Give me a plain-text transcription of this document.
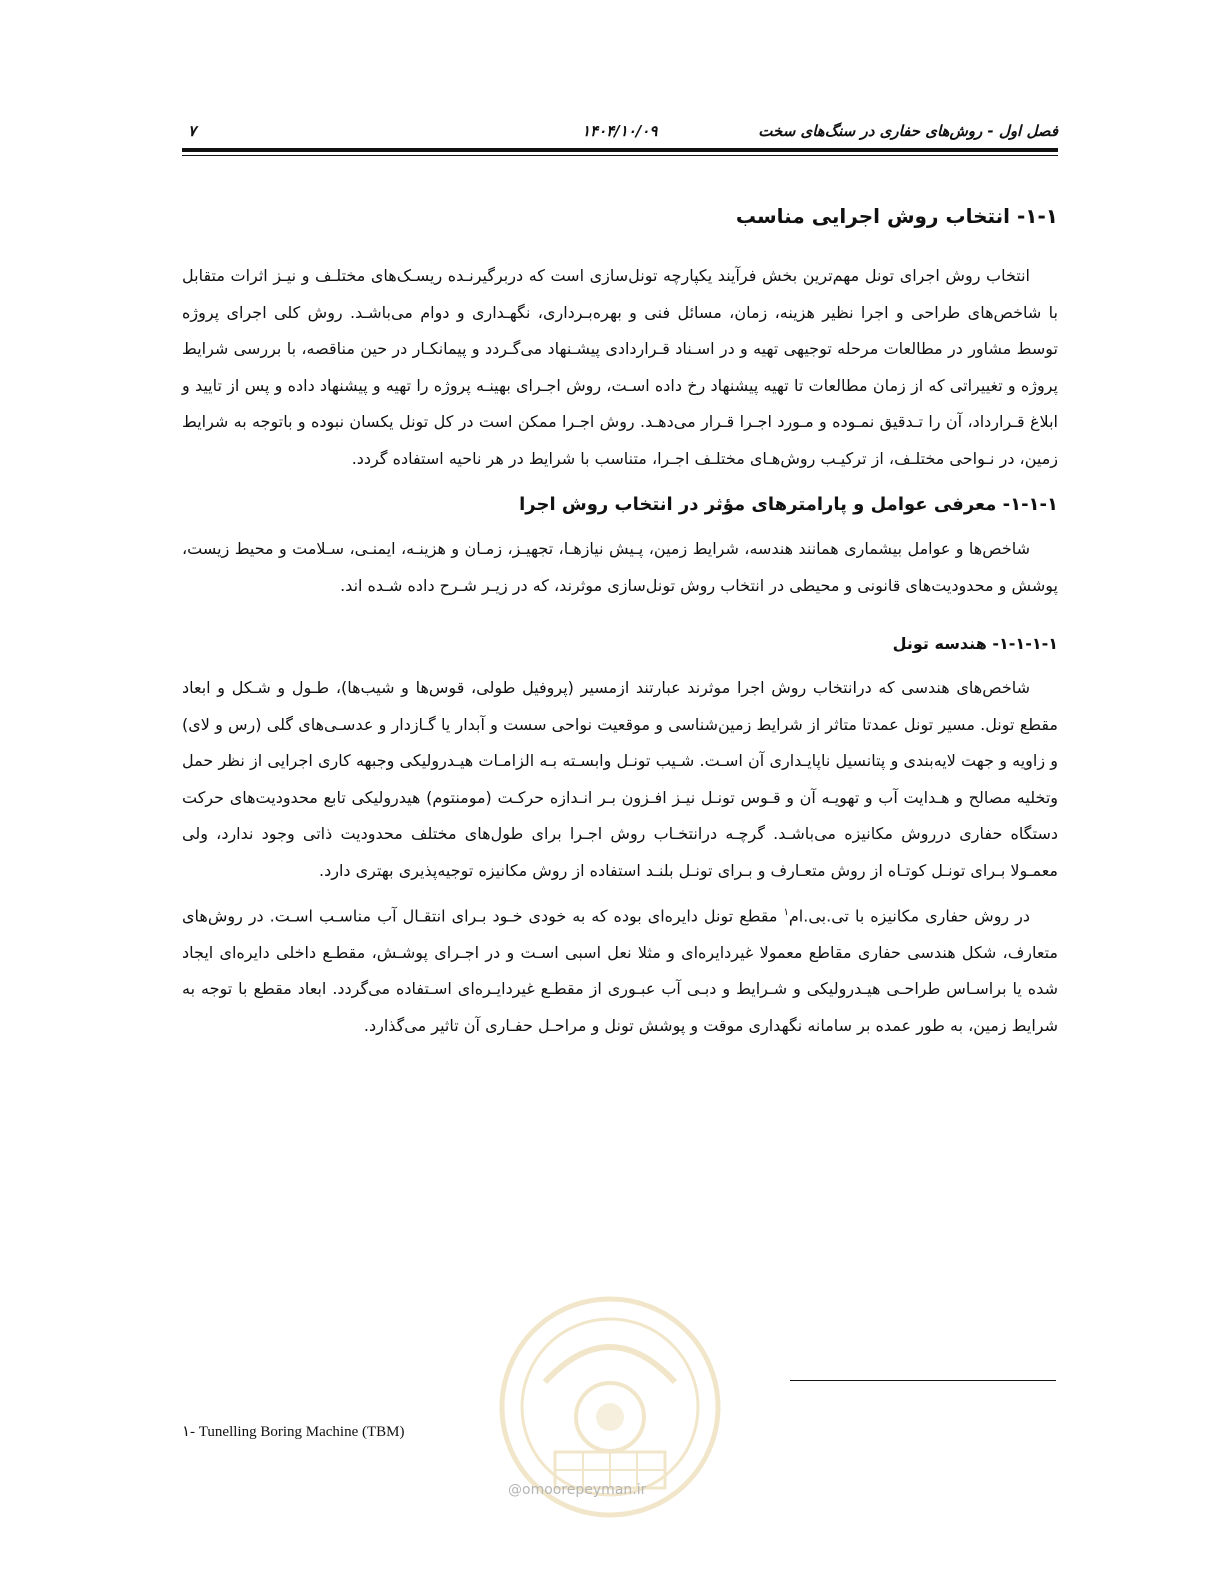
فصل اول - روش‌های حفاری در سنگ‌های سخت
۱۴۰۴/۱۰/۰۹
۷
۱-۱- انتخاب روش اجرایی مناسب

انتخاب روش اجرای تونل مهم‌ترین بخش فرآیند یکپارچه تونل‌سازی است که دربرگیرنـده ریسـک‌های مختلـف و نیـز اثرات متقابل با شاخص‌های طراحی و اجرا نظیر هزینه، زمان، مسائل فنی و بهره‌بـرداری، نگهـداری و دوام می‌باشـد. روش کلی اجرای پروژه توسط مشاور در مطالعات مرحله توجیهی تهیه و در اسـناد قـراردادی پیشـنهاد می‌گـردد و پیمانکـار در حین مناقصه، با بررسی شرایط پروژه و تغییراتی که از زمان مطالعات تا تهیه پیشنهاد رخ داده اسـت، روش اجـرای بهینـه پروژه را تهیه و پیشنهاد داده و پس از تایید و ابلاغ قـرارداد، آن را تـدقیق نمـوده و مـورد اجـرا قـرار می‌دهـد. روش اجـرا ممکن است در کل تونل یکسان نبوده و باتوجه به شرایط زمین، در نـواحی مختلـف، از ترکیـب روش‌هـای مختلـف اجـرا، متناسب با شرایط در هر ناحیه استفاده گردد.

۱-۱-۱- معرفی عوامل و پارامترهای مؤثر در انتخاب روش اجرا

شاخص‌ها و عوامل بیشماری همانند هندسه، شرایط زمین، پـیش نیازهـا، تجهیـز، زمـان و هزینـه، ایمنـی، سـلامت و محیط زیست، پوشش و محدودیت‌های قانونی و محیطی در انتخاب روش تونل‌سازی موثرند، که در زیـر شـرح داده شـده اند.

۱-۱-۱-۱- هندسه تونل

شاخص‌های هندسی که درانتخاب روش اجرا موثرند عبارتند ازمسیر (پروفیل طولی، قوس‌ها و شیب‌ها)، طـول و شـکل و ابعاد مقطع تونل. مسیر تونل عمدتا متاثر از شرایط زمین‌شناسی و موقعیت نواحی سست و آبدار یا گـازدار و عدسـی‌های گلی (رس و لای) و زاویه و جهت لایه‌بندی و پتانسیل ناپایـداری آن اسـت. شـیب تونـل وابسـته بـه الزامـات هیـدرولیکی وجبهه کاری اجرایی از نظر حمل وتخلیه مصالح و هـدایت آب و تهویـه آن و قـوس تونـل نیـز افـزون بـر انـدازه حرکـت (مومنتوم) هیدرولیکی تابع محدودیت‌های حرکت دستگاه حفاری درروش مکانیزه می‌باشـد. گرچـه درانتخـاب روش اجـرا برای طول‌های مختلف محدودیت ذاتی وجود ندارد، ولی معمـولا بـرای تونـل کوتـاه از روش متعـارف و بـرای تونـل بلنـد استفاده از روش مکانیزه توجیه‌پذیری بهتری دارد.

در روش حفاری مکانیزه با تی.بی.ام$^۱$ مقطع تونل دایره‌ای بوده که به خودی خـود بـرای انتقـال آب مناسـب اسـت. در روش‌های متعارف، شکل هندسی حفاری مقاطع معمولا غیردایره‌ای و مثلا نعل اسبی اسـت و در اجـرای پوشـش، مقطـع داخلی دایره‌ای ایجاد شده یا براسـاس طراحـی هیـدرولیکی و شـرایط و دبـی آب عبـوری از مقطـع غیردایـره‌ای اسـتفاده می‌گردد. ابعاد مقطع با توجه به شرایط زمین، به طور عمده بر سامانه نگهداری موقت و پوشش تونل و مراحـل حفـاری آن تاثیر می‌گذارد.

۱- Tunelling Boring Machine (TBM)
@omoorepeyman.ir
